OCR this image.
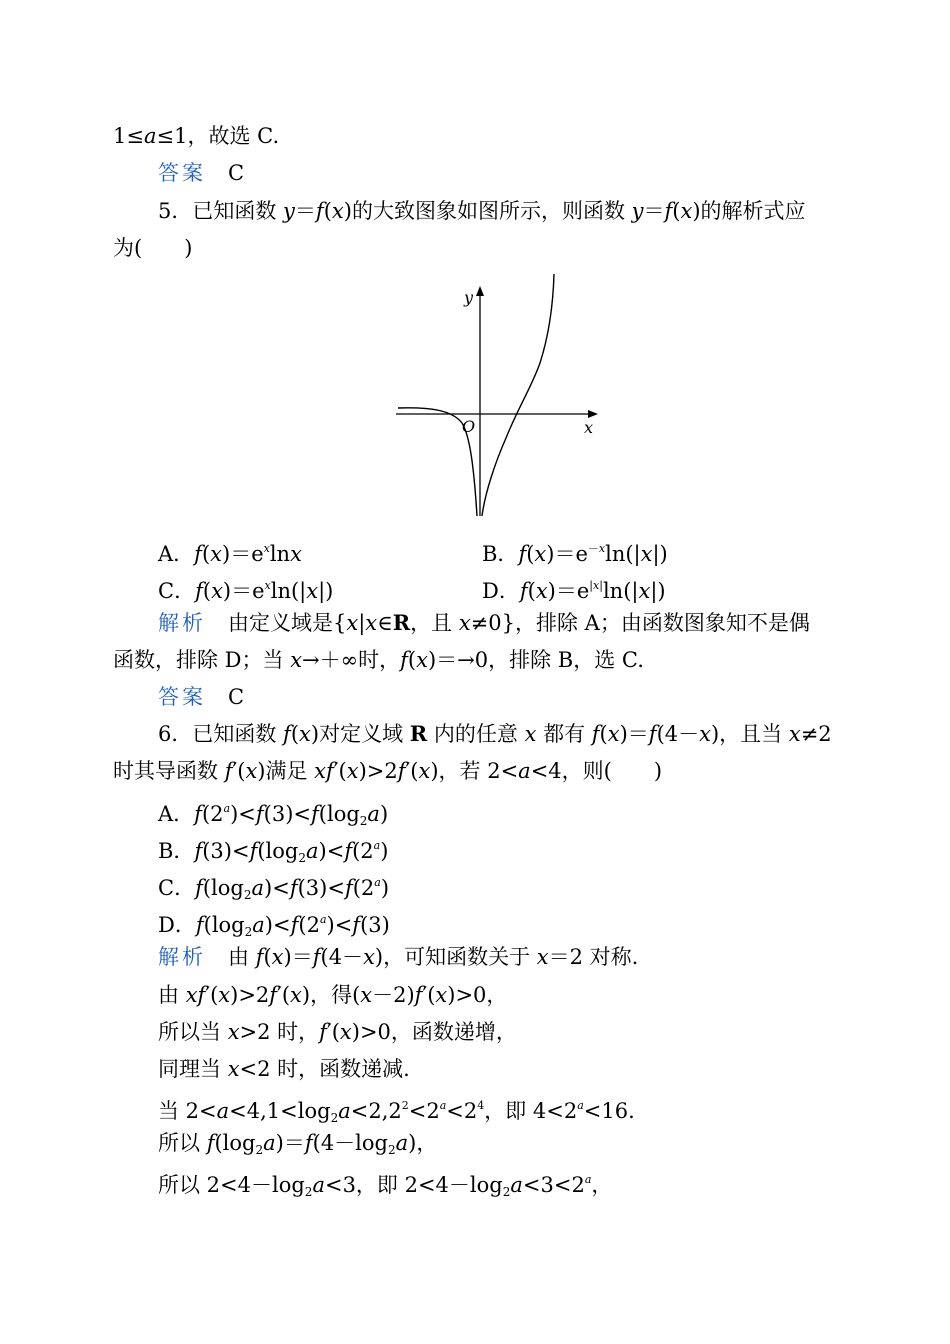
1≤a≤1，故选 C.
答案 C
5．已知函数 y＝f(x)的大致图象如图所示，则函数 y＝f(x)的解析式应
为(　　)
y
x
O
A．$f(x)=e^x\ln x$	B．$f(x)=e^{-x}\ln(|x|)$
C．$f(x)=e^x\ln(|x|)$	D．$f(x)=e^{|x|}\ln(|x|)$
解析 由定义域是{x|x∈R，且 x≠0}，排除 A；由函数图象知不是偶
函数，排除 D；当 x→＋∞时，f(x)＝→0，排除 B，选 C.
答案 C
6．已知函数 f(x)对定义域 R 内的任意 x 都有 f(x)＝f(4－x)，且当 x≠2
时其导函数 f′(x)满足 xf′(x)>2f′(x)，若 2<a<4，则(　　)
A．$f(2^a)<f(3)<f(\log_2a)$
B．$f(3)<f(\log_2a)<f(2^a)$
C．$f(\log_2a)<f(3)<f(2^a)$
D．$f(\log_2a)<f(2^a)<f(3)$
解析 由 f(x)＝f(4－x)，可知函数关于 x＝2 对称.
由 xf′(x)>2f′(x)，得(x－2)f′(x)>0，
所以当 x>2 时，f′(x)>0，函数递增，
同理当 x<2 时，函数递减.
当 $2<a<4,1<\log_2a<2,2^2<2^a<2^4$，即 $4<2^a<16$.
所以 $f(\log_2a)=f(4-\log_2a)$，
所以 $2<4-\log_2a<3$，即 $2<4-\log_2a<3<2^a$，
